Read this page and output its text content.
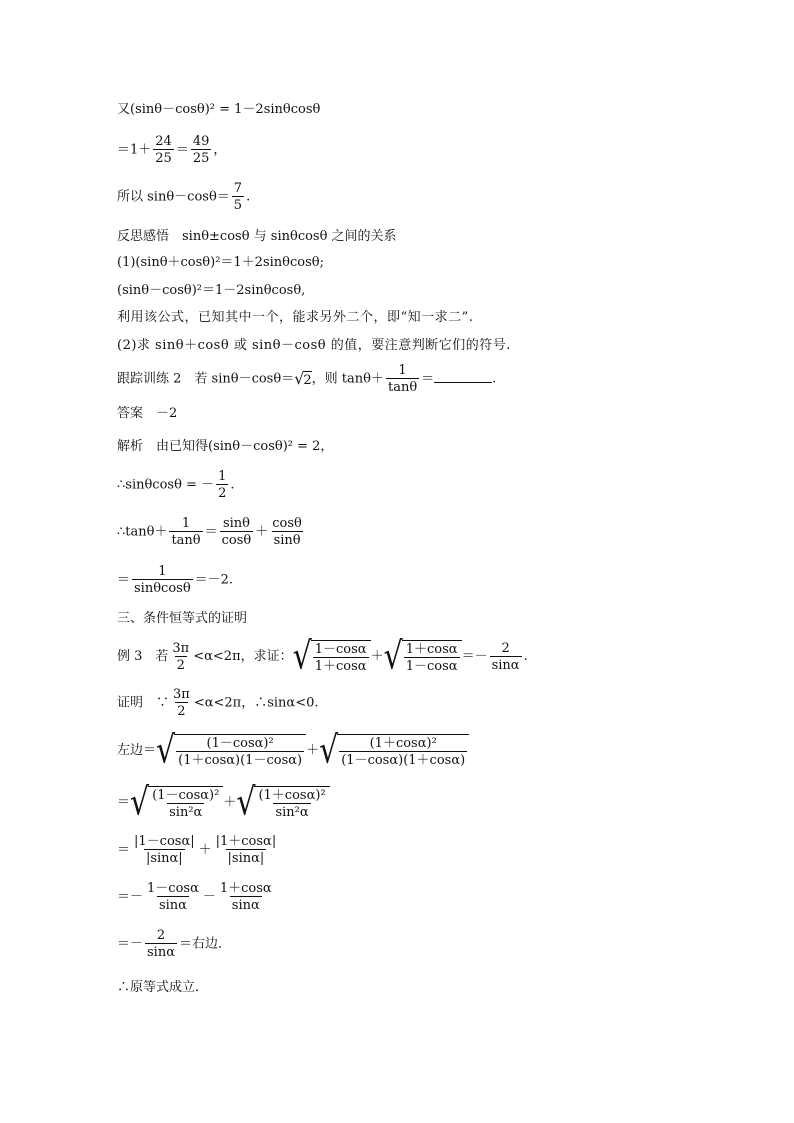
又(sinθ－cosθ)² = 1－2sinθcosθ
$=1+ \frac{24}{25} = \frac{49}{25}$ ，
所以 $\sin\theta-\cos\theta= \frac{7}{5}$ .
反思感悟　sinθ±cosθ 与 sinθcosθ 之间的关系
(1)(sinθ＋cosθ)²＝1＋2sinθcosθ;
(sinθ－cosθ)²＝1－2sinθcosθ,
利用该公式，已知其中一个，能求另外二个，即“知一求二”.
(2)求 sinθ＋cosθ 或 sinθ－cosθ 的值，要注意判断它们的符号.
跟踪训练 2　若 sinθ－cosθ＝ √ 2 ，则 $\tan\theta+ \frac{1}{\tan\theta}$ ＝	.
答案　－2
解析　由已知得(sinθ－cosθ)² = 2，
∴sinθcosθ = － $\frac{1}{2}$ .
∴tanθ＋ $\frac{1}{\tan\theta} = \frac{\sin\theta}{\cos\theta} + \frac{\cos\theta}{\sin\theta}$
＝ $\frac{1}{\sin\theta\cos\theta} =-2$.
三、条件恒等式的证明
例 3　若 $\frac{3\pi}{2} <\alpha<2\pi$，求证： √ $\frac{1-\cos\alpha}{1+\cos\alpha}$ ＋ √ $\frac{1+\cos\alpha}{1-\cos\alpha} =- \frac{2}{\sin\alpha}$ .
证明　∵ $\frac{3\pi}{2} <\alpha<2\pi$，∴sinα<0.
左边＝ √ $\frac{\text{(1－cosα)²}}{(1+\cos\alpha)(1-\cos\alpha)}$ ＋ √ $\frac{\text{(1＋cosα)²}}{(1-\cos\alpha)(1+\cos\alpha)}$
＝ √ $\frac{\text{(1－cosα)²}}{\text{sin²α}}$ ＋ √ $\frac{\text{(1＋cosα)²}}{\text{sin²α}}$
＝ $\frac{|1-\cos\alpha|}{|\sin\alpha|} + \frac{|1+\cos\alpha|}{|\sin\alpha|}$
＝－ $\frac{1-\cos\alpha}{\sin\alpha} - \frac{1+\cos\alpha}{\sin\alpha}$
＝－ $\frac{2}{\sin\alpha}$ ＝右边．
∴原等式成立．
